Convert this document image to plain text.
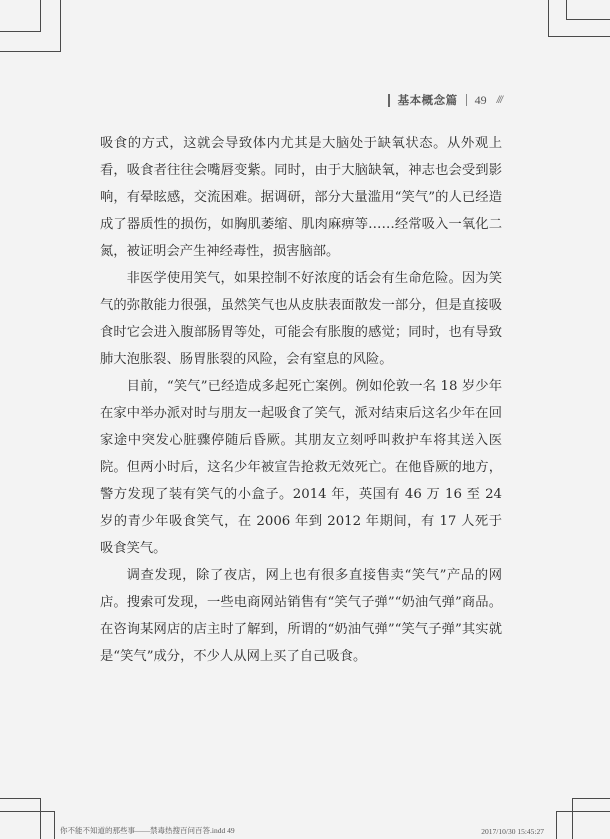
基本概念篇 49 ///

吸食的方式，这就会导致体内尤其是大脑处于缺氧状态。从外观上看，吸食者往往会嘴唇变紫。同时，由于大脑缺氧，神志也会受到影响，有晕眩感，交流困难。据调研，部分大量滥用“笑气”的人已经造成了器质性的损伤，如胸肌萎缩、肌肉麻痹等……经常吸入一氧化二氮，被证明会产生神经毒性，损害脑部。

非医学使用笑气，如果控制不好浓度的话会有生命危险。因为笑气的弥散能力很强，虽然笑气也从皮肤表面散发一部分，但是直接吸食时它会进入腹部肠胃等处，可能会有胀腹的感觉；同时，也有导致肺大泡胀裂、肠胃胀裂的风险，会有窒息的风险。

目前，“笑气”已经造成多起死亡案例。例如伦敦一名 18 岁少年在家中举办派对时与朋友一起吸食了笑气，派对结束后这名少年在回家途中突发心脏骤停随后昏厥。其朋友立刻呼叫救护车将其送入医院。但两小时后，这名少年被宣告抢救无效死亡。在他昏厥的地方，警方发现了装有笑气的小盒子。2014 年，英国有 46 万 16 至 24 岁的青少年吸食笑气，在 2006 年到 2012 年期间，有 17 人死于吸食笑气。

调查发现，除了夜店，网上也有很多直接售卖“笑气”产品的网店。搜索可发现，一些电商网站销售有“笑气子弹”“奶油气弹”商品。在咨询某网店的店主时了解到，所谓的“奶油气弹”“笑气子弹”其实就是“笑气”成分，不少人从网上买了自己吸食。

你不能不知道的那些事——禁毒热搜百问百答.indd 49	2017/10/30 15:45:27
